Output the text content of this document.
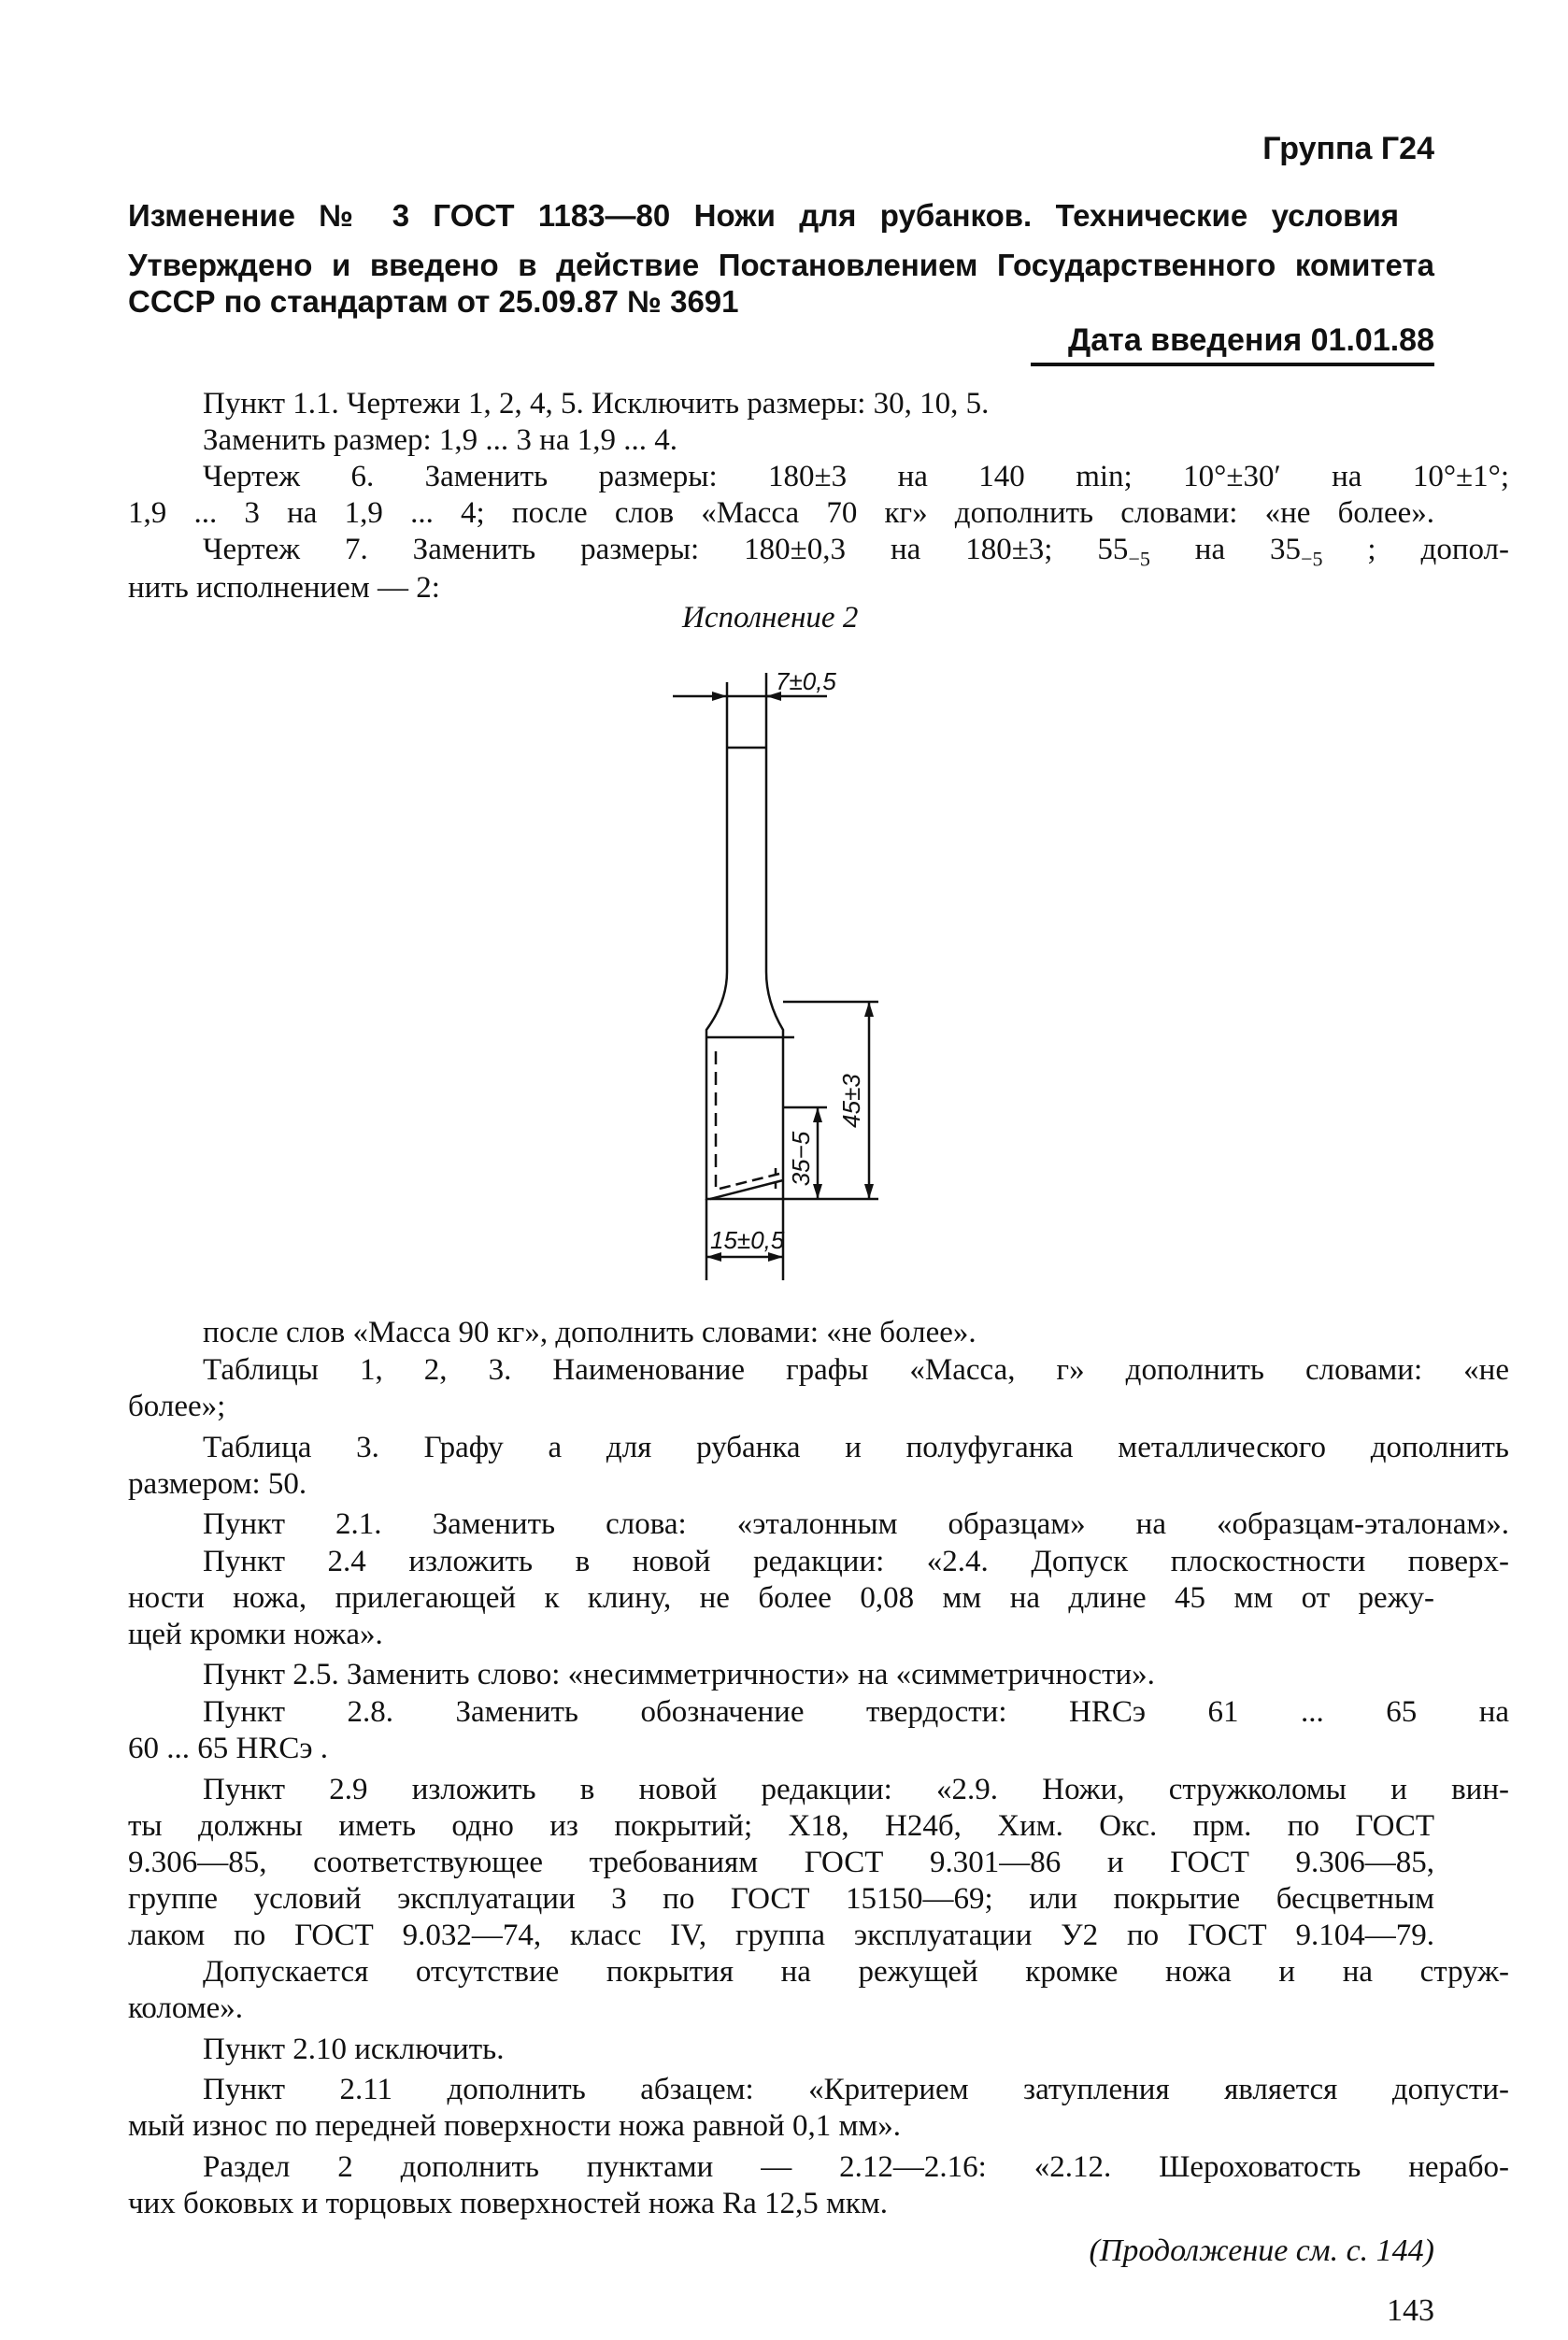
Группа Г24
Изменение № 3 ГОСТ 1183—80 Ножи для рубанков. Технические условия
Утверждено и введено в действие Постановлением Государственного комитета
СССР по стандартам от 25.09.87 № 3691
Дата введения 01.01.88
Пункт 1.1. Чертежи 1, 2, 4, 5. Исключить размеры: 30, 10, 5.
Заменить размер: 1,9 ... 3 на 1,9 ... 4.
Чертеж 6. Заменить размеры: 180±3 на 140 min; 10°±30′ на 10°±1°;
1,9 ... 3 на 1,9 ... 4; после слов «Масса 70 кг» дополнить словами: «не более».
Чертеж 7. Заменить размеры: 180±0,3 на 180±3; $55_{-5}$ на $35_{-5}$ ; допол-
нить исполнением — 2:
Исполнение 2
7±0,5
35−5
45±3
15±0,5
после слов «Масса 90 кг», дополнить словами: «не более».
Таблицы 1, 2, 3. Наименование графы «Масса, г» дополнить словами: «не
более»;
Таблица 3. Графу a для рубанка и полуфуганка металлического дополнить
размером: 50.
Пункт 2.1. Заменить слова: «эталонным образцам» на «образцам-эталонам».
Пункт 2.4 изложить в новой редакции: «2.4. Допуск плоскостности поверх-
ности ножа, прилегающей к клину, не более 0,08 мм на длине 45 мм от режу-
щей кромки ножа».
Пункт 2.5. Заменить слово: «несимметричности» на «симметричности».
Пункт 2.8. Заменить обозначение твердости: HRCэ 61 ... 65 на
60 ... 65 HRCэ .
Пункт 2.9 изложить в новой редакции: «2.9. Ножи, стружколомы и вин-
ты должны иметь одно из покрытий; Х18, Н24б, Хим. Окс. прм. по ГОСТ
9.306—85, соответствующее требованиям ГОСТ 9.301—86 и ГОСТ 9.306—85,
группе условий эксплуатации 3 по ГОСТ 15150—69; или покрытие бесцветным
лаком по ГОСТ 9.032—74, класс IV, группа эксплуатации У2 по ГОСТ 9.104—79.
Допускается отсутствие покрытия на режущей кромке ножа и на струж-
коломе».
Пункт 2.10 исключить.
Пункт 2.11 дополнить абзацем: «Критерием затупления является допусти-
мый износ по передней поверхности ножа равной 0,1 мм».
Раздел 2 дополнить пунктами — 2.12—2.16: «2.12. Шероховатость нерабо-
чих боковых и торцовых поверхностей ножа Ra 12,5 мкм.
(Продолжение см. с. 144)
143
